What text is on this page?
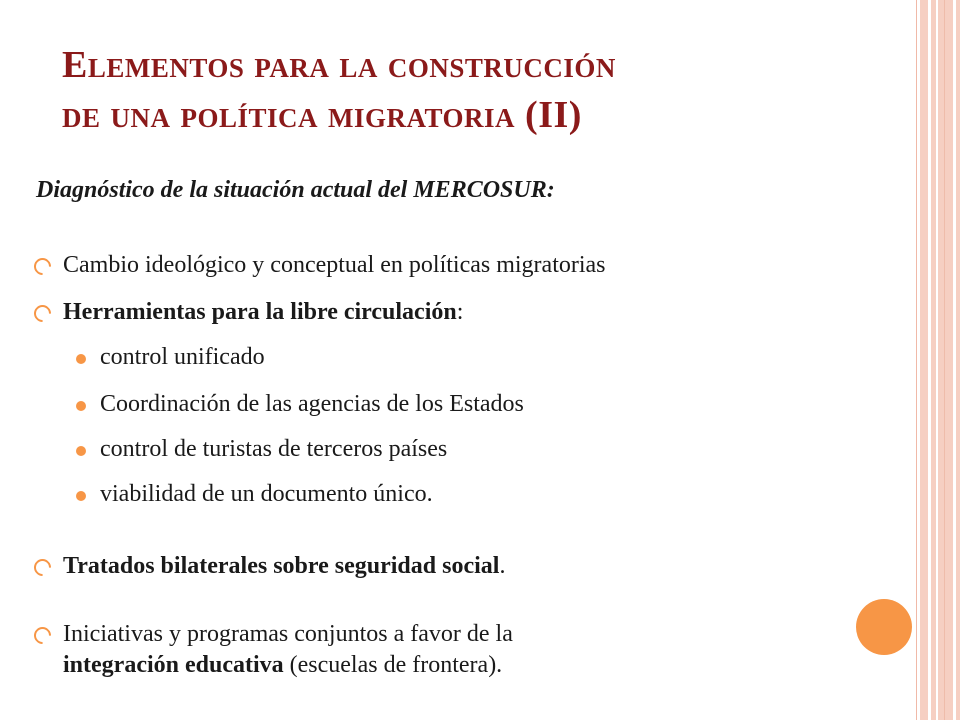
Elementos para la construcción
de una política migratoria (II)
Diagnóstico de la situación actual del MERCOSUR:
Cambio ideológico y conceptual en políticas migratorias
Herramientas para la libre circulación:
control unificado
Coordinación de las agencias de los Estados
control de turistas de terceros países
viabilidad de un documento único.
Tratados bilaterales sobre seguridad social.
Iniciativas y programas conjuntos a favor de la
integración educativa (escuelas de frontera).
